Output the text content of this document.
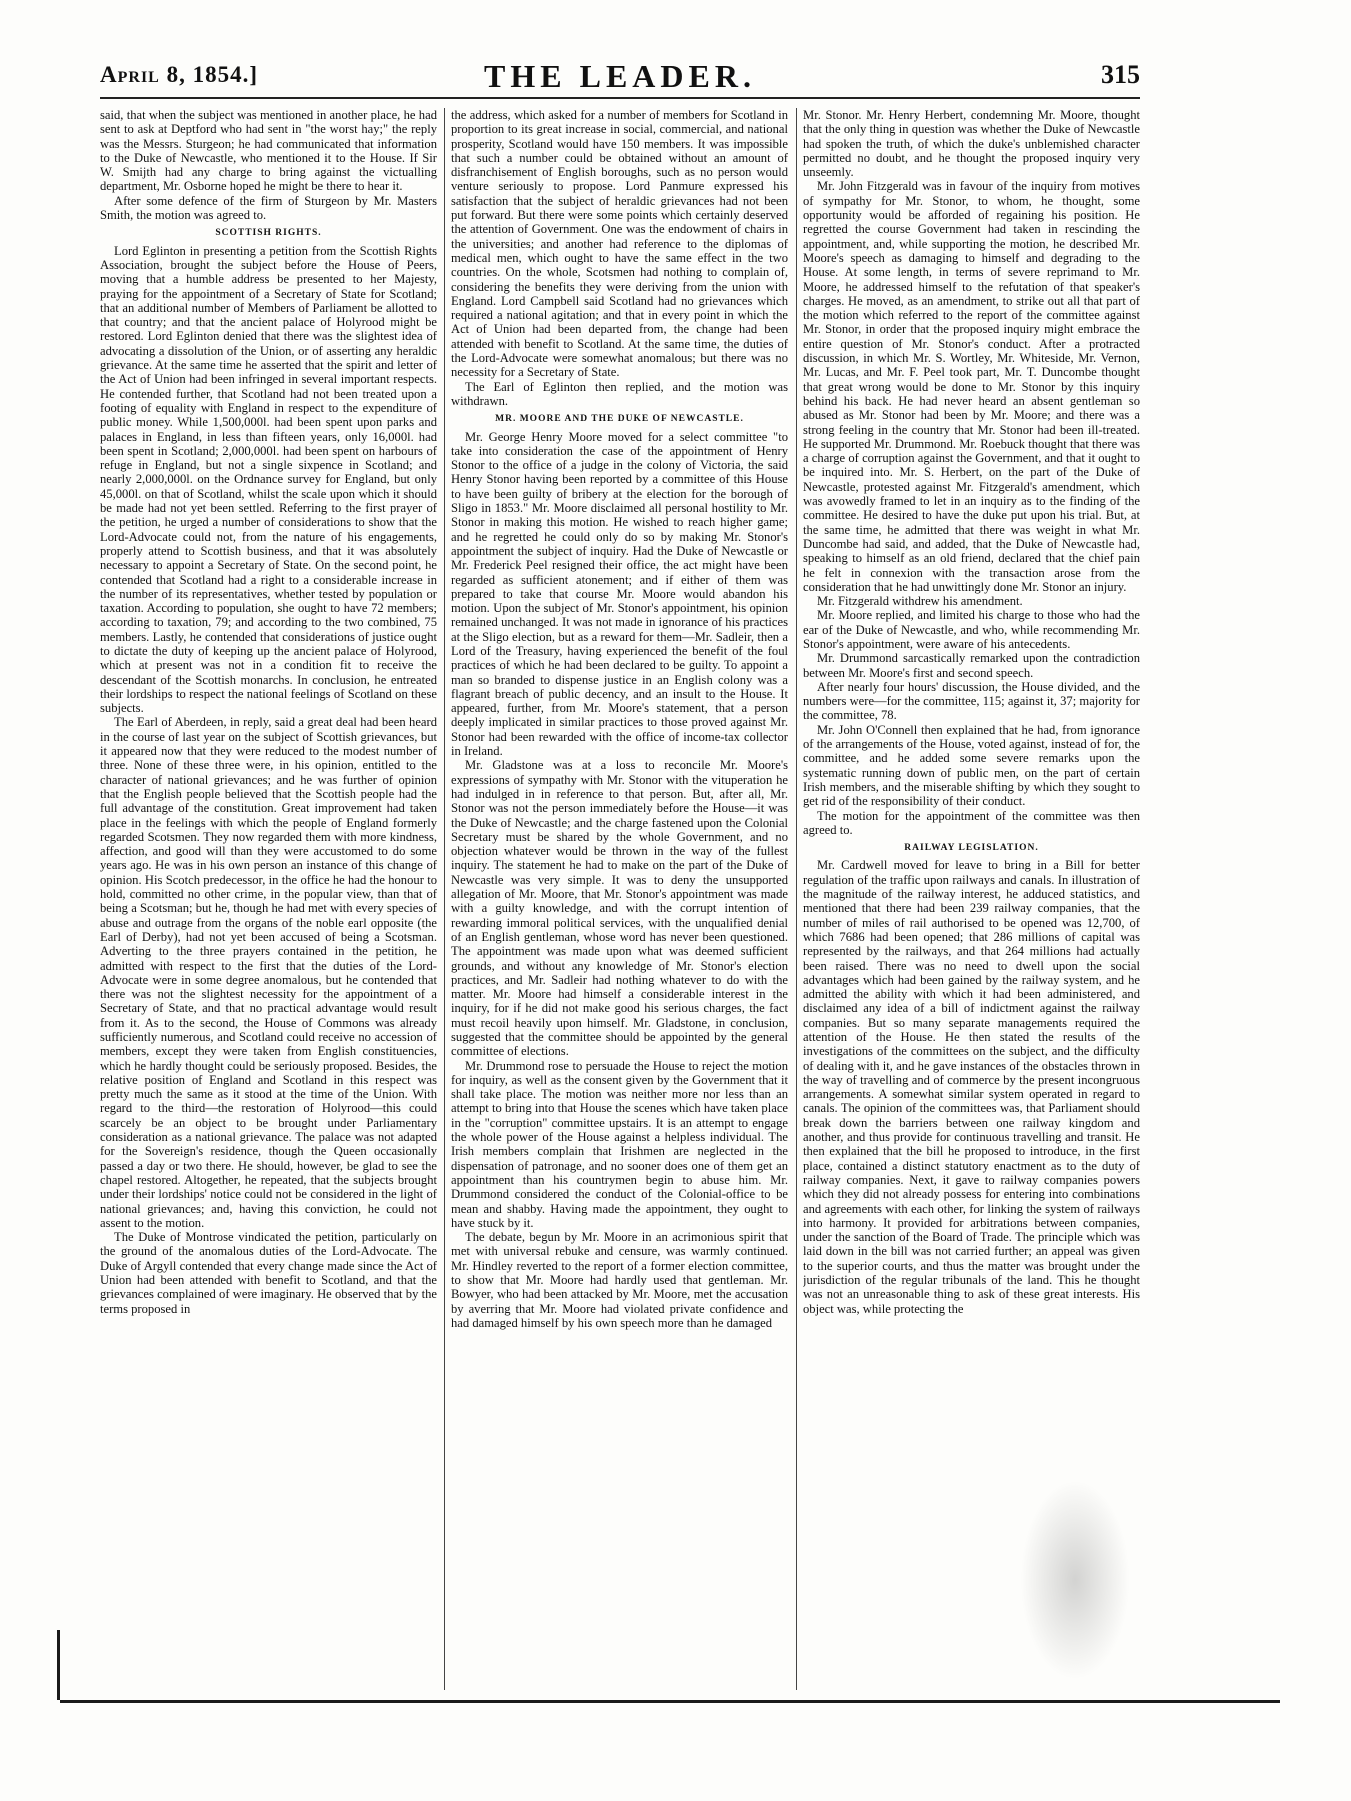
April 8, 1854.]	THE LEADER.	315

said, that when the subject was mentioned in another place, he had sent to ask at Deptford who had sent in "the worst hay;" the reply was the Messrs. Sturgeon; he had communicated that information to the Duke of Newcastle, who mentioned it to the House. If Sir W. Smijth had any charge to bring against the victualling department, Mr. Osborne hoped he might be there to hear it.

After some defence of the firm of Sturgeon by Mr. Masters Smith, the motion was agreed to.

SCOTTISH RIGHTS.

Lord Eglinton in presenting a petition from the Scottish Rights Association, brought the subject before the House of Peers, moving that a humble address be presented to her Majesty, praying for the appointment of a Secretary of State for Scotland; that an additional number of Members of Parliament be allotted to that country; and that the ancient palace of Holyrood might be restored. Lord Eglinton denied that there was the slightest idea of advocating a dissolution of the Union, or of asserting any heraldic grievance. At the same time he asserted that the spirit and letter of the Act of Union had been infringed in several important respects. He contended further, that Scotland had not been treated upon a footing of equality with England in respect to the expenditure of public money. While 1,500,000l. had been spent upon parks and palaces in England, in less than fifteen years, only 16,000l. had been spent in Scotland; 2,000,000l. had been spent on harbours of refuge in England, but not a single sixpence in Scotland; and nearly 2,000,000l. on the Ordnance survey for England, but only 45,000l. on that of Scotland, whilst the scale upon which it should be made had not yet been settled. Referring to the first prayer of the petition, he urged a number of considerations to show that the Lord-Advocate could not, from the nature of his engagements, properly attend to Scottish business, and that it was absolutely necessary to appoint a Secretary of State. On the second point, he contended that Scotland had a right to a considerable increase in the number of its representatives, whether tested by population or taxation. According to population, she ought to have 72 members; according to taxation, 79; and according to the two combined, 75 members. Lastly, he contended that considerations of justice ought to dictate the duty of keeping up the ancient palace of Holyrood, which at present was not in a condition fit to receive the descendant of the Scottish monarchs. In conclusion, he entreated their lordships to respect the national feelings of Scotland on these subjects.

The Earl of Aberdeen, in reply, said a great deal had been heard in the course of last year on the subject of Scottish grievances, but it appeared now that they were reduced to the modest number of three. None of these three were, in his opinion, entitled to the character of national grievances; and he was further of opinion that the English people believed that the Scottish people had the full advantage of the constitution. Great improvement had taken place in the feelings with which the people of England formerly regarded Scotsmen. They now regarded them with more kindness, affection, and good will than they were accustomed to do some years ago. He was in his own person an instance of this change of opinion. His Scotch predecessor, in the office he had the honour to hold, committed no other crime, in the popular view, than that of being a Scotsman; but he, though he had met with every species of abuse and outrage from the organs of the noble earl opposite (the Earl of Derby), had not yet been accused of being a Scotsman. Adverting to the three prayers contained in the petition, he admitted with respect to the first that the duties of the Lord-Advocate were in some degree anomalous, but he contended that there was not the slightest necessity for the appointment of a Secretary of State, and that no practical advantage would result from it. As to the second, the House of Commons was already sufficiently numerous, and Scotland could receive no accession of members, except they were taken from English constituencies, which he hardly thought could be seriously proposed. Besides, the relative position of England and Scotland in this respect was pretty much the same as it stood at the time of the Union. With regard to the third—the restoration of Holyrood—this could scarcely be an object to be brought under Parliamentary consideration as a national grievance. The palace was not adapted for the Sovereign's residence, though the Queen occasionally passed a day or two there. He should, however, be glad to see the chapel restored. Altogether, he repeated, that the subjects brought under their lordships' notice could not be considered in the light of national grievances; and, having this conviction, he could not assent to the motion.

The Duke of Montrose vindicated the petition, particularly on the ground of the anomalous duties of the Lord-Advocate. The Duke of Argyll contended that every change made since the Act of Union had been attended with benefit to Scotland, and that the grievances complained of were imaginary. He observed that by the terms proposed in

the address, which asked for a number of members for Scotland in proportion to its great increase in social, commercial, and national prosperity, Scotland would have 150 members. It was impossible that such a number could be obtained without an amount of disfranchisement of English boroughs, such as no person would venture seriously to propose. Lord Panmure expressed his satisfaction that the subject of heraldic grievances had not been put forward. But there were some points which certainly deserved the attention of Government. One was the endowment of chairs in the universities; and another had reference to the diplomas of medical men, which ought to have the same effect in the two countries. On the whole, Scotsmen had nothing to complain of, considering the benefits they were deriving from the union with England. Lord Campbell said Scotland had no grievances which required a national agitation; and that in every point in which the Act of Union had been departed from, the change had been attended with benefit to Scotland. At the same time, the duties of the Lord-Advocate were somewhat anomalous; but there was no necessity for a Secretary of State.

The Earl of Eglinton then replied, and the motion was withdrawn.

MR. MOORE AND THE DUKE OF NEWCASTLE.

Mr. George Henry Moore moved for a select committee "to take into consideration the case of the appointment of Henry Stonor to the office of a judge in the colony of Victoria, the said Henry Stonor having been reported by a committee of this House to have been guilty of bribery at the election for the borough of Sligo in 1853." Mr. Moore disclaimed all personal hostility to Mr. Stonor in making this motion. He wished to reach higher game; and he regretted he could only do so by making Mr. Stonor's appointment the subject of inquiry. Had the Duke of Newcastle or Mr. Frederick Peel resigned their office, the act might have been regarded as sufficient atonement; and if either of them was prepared to take that course Mr. Moore would abandon his motion. Upon the subject of Mr. Stonor's appointment, his opinion remained unchanged. It was not made in ignorance of his practices at the Sligo election, but as a reward for them—Mr. Sadleir, then a Lord of the Treasury, having experienced the benefit of the foul practices of which he had been declared to be guilty. To appoint a man so branded to dispense justice in an English colony was a flagrant breach of public decency, and an insult to the House. It appeared, further, from Mr. Moore's statement, that a person deeply implicated in similar practices to those proved against Mr. Stonor had been rewarded with the office of income-tax collector in Ireland.

Mr. Gladstone was at a loss to reconcile Mr. Moore's expressions of sympathy with Mr. Stonor with the vituperation he had indulged in in reference to that person. But, after all, Mr. Stonor was not the person immediately before the House—it was the Duke of Newcastle; and the charge fastened upon the Colonial Secretary must be shared by the whole Government, and no objection whatever would be thrown in the way of the fullest inquiry. The statement he had to make on the part of the Duke of Newcastle was very simple. It was to deny the unsupported allegation of Mr. Moore, that Mr. Stonor's appointment was made with a guilty knowledge, and with the corrupt intention of rewarding immoral political services, with the unqualified denial of an English gentleman, whose word has never been questioned. The appointment was made upon what was deemed sufficient grounds, and without any knowledge of Mr. Stonor's election practices, and Mr. Sadleir had nothing whatever to do with the matter. Mr. Moore had himself a considerable interest in the inquiry, for if he did not make good his serious charges, the fact must recoil heavily upon himself. Mr. Gladstone, in conclusion, suggested that the committee should be appointed by the general committee of elections.

Mr. Drummond rose to persuade the House to reject the motion for inquiry, as well as the consent given by the Government that it shall take place. The motion was neither more nor less than an attempt to bring into that House the scenes which have taken place in the "corruption" committee upstairs. It is an attempt to engage the whole power of the House against a helpless individual. The Irish members complain that Irishmen are neglected in the dispensation of patronage, and no sooner does one of them get an appointment than his countrymen begin to abuse him. Mr. Drummond considered the conduct of the Colonial-office to be mean and shabby. Having made the appointment, they ought to have stuck by it.

The debate, begun by Mr. Moore in an acrimonious spirit that met with universal rebuke and censure, was warmly continued. Mr. Hindley reverted to the report of a former election committee, to show that Mr. Moore had hardly used that gentleman. Mr. Bowyer, who had been attacked by Mr. Moore, met the accusation by averring that Mr. Moore had violated private confidence and had damaged himself by his own speech more than he damaged

Mr. Stonor. Mr. Henry Herbert, condemning Mr. Moore, thought that the only thing in question was whether the Duke of Newcastle had spoken the truth, of which the duke's unblemished character permitted no doubt, and he thought the proposed inquiry very unseemly.

Mr. John Fitzgerald was in favour of the inquiry from motives of sympathy for Mr. Stonor, to whom, he thought, some opportunity would be afforded of regaining his position. He regretted the course Government had taken in rescinding the appointment, and, while supporting the motion, he described Mr. Moore's speech as damaging to himself and degrading to the House. At some length, in terms of severe reprimand to Mr. Moore, he addressed himself to the refutation of that speaker's charges. He moved, as an amendment, to strike out all that part of the motion which referred to the report of the committee against Mr. Stonor, in order that the proposed inquiry might embrace the entire question of Mr. Stonor's conduct. After a protracted discussion, in which Mr. S. Wortley, Mr. Whiteside, Mr. Vernon, Mr. Lucas, and Mr. F. Peel took part, Mr. T. Duncombe thought that great wrong would be done to Mr. Stonor by this inquiry behind his back. He had never heard an absent gentleman so abused as Mr. Stonor had been by Mr. Moore; and there was a strong feeling in the country that Mr. Stonor had been ill-treated. He supported Mr. Drummond. Mr. Roebuck thought that there was a charge of corruption against the Government, and that it ought to be inquired into. Mr. S. Herbert, on the part of the Duke of Newcastle, protested against Mr. Fitzgerald's amendment, which was avowedly framed to let in an inquiry as to the finding of the committee. He desired to have the duke put upon his trial. But, at the same time, he admitted that there was weight in what Mr. Duncombe had said, and added, that the Duke of Newcastle had, speaking to himself as an old friend, declared that the chief pain he felt in connexion with the transaction arose from the consideration that he had unwittingly done Mr. Stonor an injury.

Mr. Fitzgerald withdrew his amendment.

Mr. Moore replied, and limited his charge to those who had the ear of the Duke of Newcastle, and who, while recommending Mr. Stonor's appointment, were aware of his antecedents.

Mr. Drummond sarcastically remarked upon the contradiction between Mr. Moore's first and second speech.

After nearly four hours' discussion, the House divided, and the numbers were—for the committee, 115; against it, 37; majority for the committee, 78.

Mr. John O'Connell then explained that he had, from ignorance of the arrangements of the House, voted against, instead of for, the committee, and he added some severe remarks upon the systematic running down of public men, on the part of certain Irish members, and the miserable shifting by which they sought to get rid of the responsibility of their conduct.

The motion for the appointment of the committee was then agreed to.

RAILWAY LEGISLATION.

Mr. Cardwell moved for leave to bring in a Bill for better regulation of the traffic upon railways and canals. In illustration of the magnitude of the railway interest, he adduced statistics, and mentioned that there had been 239 railway companies, that the number of miles of rail authorised to be opened was 12,700, of which 7686 had been opened; that 286 millions of capital was represented by the railways, and that 264 millions had actually been raised. There was no need to dwell upon the social advantages which had been gained by the railway system, and he admitted the ability with which it had been administered, and disclaimed any idea of a bill of indictment against the railway companies. But so many separate managements required the attention of the House. He then stated the results of the investigations of the committees on the subject, and the difficulty of dealing with it, and he gave instances of the obstacles thrown in the way of travelling and of commerce by the present incongruous arrangements. A somewhat similar system operated in regard to canals. The opinion of the committees was, that Parliament should break down the barriers between one railway kingdom and another, and thus provide for continuous travelling and transit. He then explained that the bill he proposed to introduce, in the first place, contained a distinct statutory enactment as to the duty of railway companies. Next, it gave to railway companies powers which they did not already possess for entering into combinations and agreements with each other, for linking the system of railways into harmony. It provided for arbitrations between companies, under the sanction of the Board of Trade. The principle which was laid down in the bill was not carried further; an appeal was given to the superior courts, and thus the matter was brought under the jurisdiction of the regular tribunals of the land. This he thought was not an unreasonable thing to ask of these great interests. His object was, while protecting the
